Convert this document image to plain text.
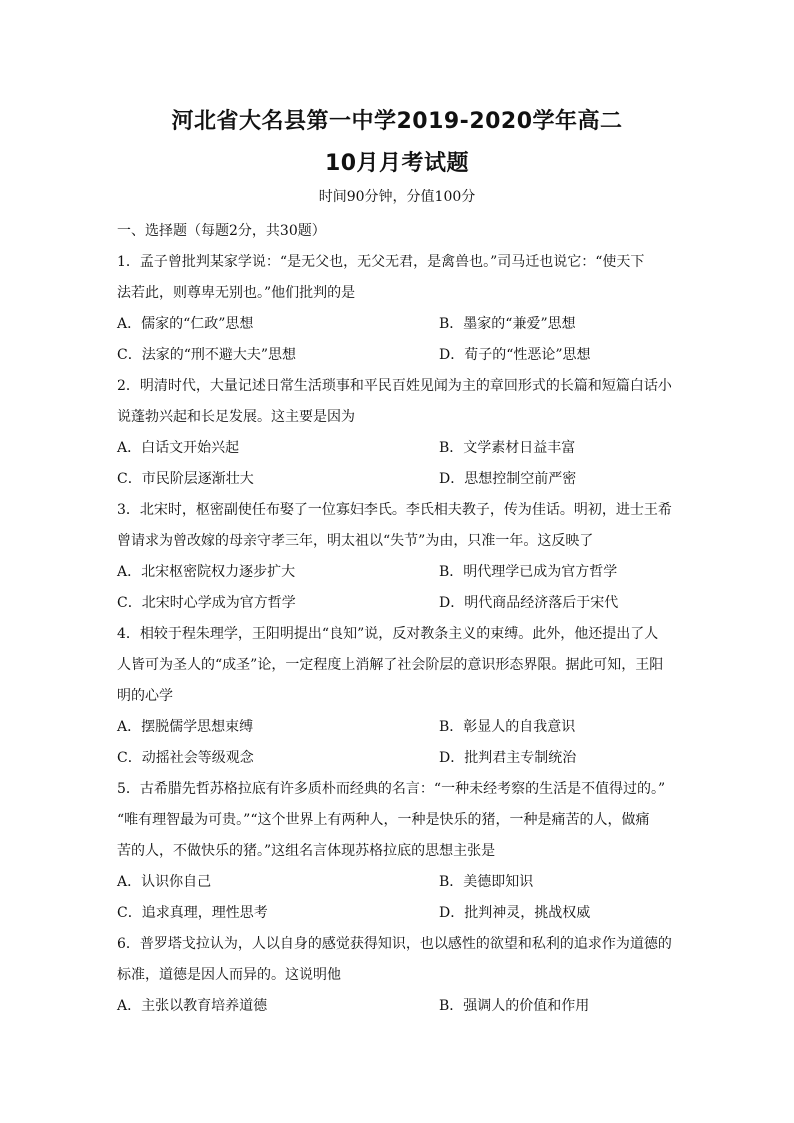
河北省大名县第一中学2019-2020学年高二
10月月考试题
时间90分钟，分值100分
一、选择题（每题2分，共30题）
1．孟子曾批判某家学说：“是无父也，无父无君，是禽兽也。”司马迁也说它：“使天下
法若此，则尊卑无别也。”他们批判的是
A．儒家的“仁政”思想	B．墨家的“兼爱”思想
C．法家的“刑不避大夫”思想	D．荀子的“性恶论”思想
2．明清时代，大量记述日常生活琐事和平民百姓见闻为主的章回形式的长篇和短篇白话小
说蓬勃兴起和长足发展。这主要是因为
A．白话文开始兴起	B．文学素材日益丰富
C．市民阶层逐渐壮大	D．思想控制空前严密
3．北宋时，枢密副使任布娶了一位寡妇李氏。李氏相夫教子，传为佳话。明初，进士王希
曾请求为曾改嫁的母亲守孝三年，明太祖以“失节”为由，只准一年。这反映了
A．北宋枢密院权力逐步扩大	B．明代理学已成为官方哲学
C．北宋时心学成为官方哲学	D．明代商品经济落后于宋代
4．相较于程朱理学，王阳明提出“良知”说，反对教条主义的束缚。此外，他还提出了人
人皆可为圣人的“成圣”论，一定程度上消解了社会阶层的意识形态界限。据此可知，王阳
明的心学
A．摆脱儒学思想束缚	B．彰显人的自我意识
C．动摇社会等级观念	D．批判君主专制统治
5．古希腊先哲苏格拉底有许多质朴而经典的名言：“一种未经考察的生活是不值得过的。”
“唯有理智最为可贵。”“这个世界上有两种人，一种是快乐的猪，一种是痛苦的人，做痛
苦的人，不做快乐的猪。”这组名言体现苏格拉底的思想主张是
A．认识你自己	B．美德即知识
C．追求真理，理性思考	D．批判神灵，挑战权威
6．普罗塔戈拉认为，人以自身的感觉获得知识，也以感性的欲望和私利的追求作为道德的
标准，道德是因人而异的。这说明他
A．主张以教育培养道德	B．强调人的价值和作用
